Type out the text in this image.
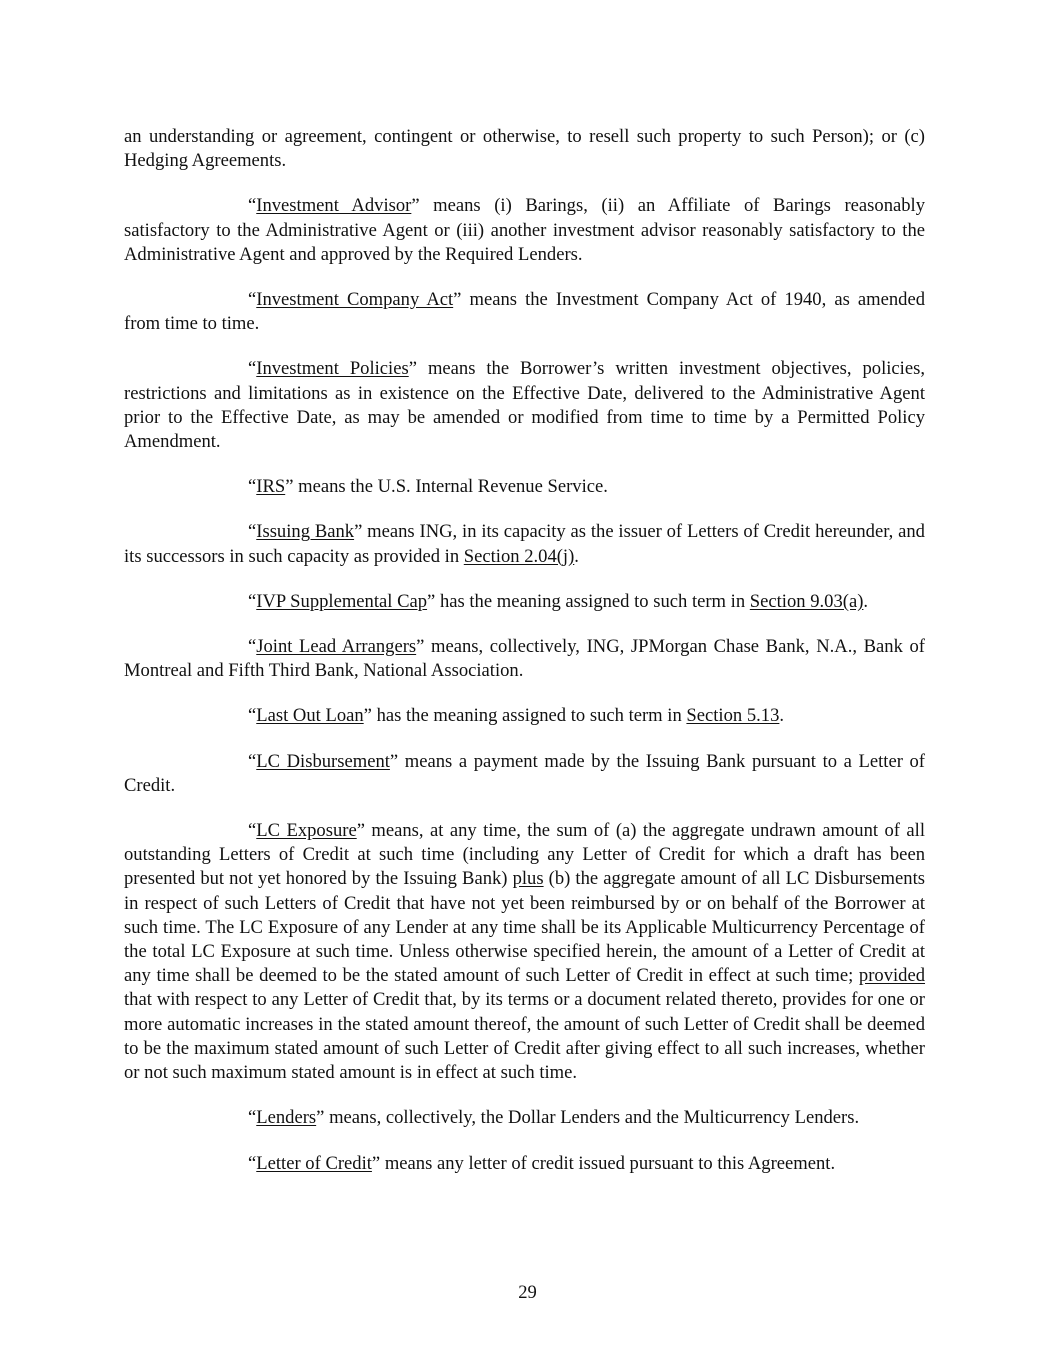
an understanding or agreement, contingent or otherwise, to resell such property to such Person); or (c) Hedging Agreements.

“Investment Advisor” means (i) Barings, (ii) an Affiliate of Barings reasonably satisfactory to the Administrative Agent or (iii) another investment advisor reasonably satisfactory to the Administrative Agent and approved by the Required Lenders.

“Investment Company Act” means the Investment Company Act of 1940, as amended from time to time.

“Investment Policies” means the Borrower’s written investment objectives, policies, restrictions and limitations as in existence on the Effective Date, delivered to the Administrative Agent prior to the Effective Date, as may be amended or modified from time to time by a Permitted Policy Amendment.

“IRS” means the U.S. Internal Revenue Service.

“Issuing Bank” means ING, in its capacity as the issuer of Letters of Credit hereunder, and its successors in such capacity as provided in Section 2.04(j).

“IVP Supplemental Cap” has the meaning assigned to such term in Section 9.03(a).

“Joint Lead Arrangers” means, collectively, ING, JPMorgan Chase Bank, N.A., Bank of Montreal and Fifth Third Bank, National Association.

“Last Out Loan” has the meaning assigned to such term in Section 5.13.

“LC Disbursement” means a payment made by the Issuing Bank pursuant to a Letter of Credit.

“LC Exposure” means, at any time, the sum of (a) the aggregate undrawn amount of all outstanding Letters of Credit at such time (including any Letter of Credit for which a draft has been presented but not yet honored by the Issuing Bank) plus (b) the aggregate amount of all LC Disbursements in respect of such Letters of Credit that have not yet been reimbursed by or on behalf of the Borrower at such time. The LC Exposure of any Lender at any time shall be its Applicable Multicurrency Percentage of the total LC Exposure at such time. Unless otherwise specified herein, the amount of a Letter of Credit at any time shall be deemed to be the stated amount of such Letter of Credit in effect at such time; provided that with respect to any Letter of Credit that, by its terms or a document related thereto, provides for one or more automatic increases in the stated amount thereof, the amount of such Letter of Credit shall be deemed to be the maximum stated amount of such Letter of Credit after giving effect to all such increases, whether or not such maximum stated amount is in effect at such time.

“Lenders” means, collectively, the Dollar Lenders and the Multicurrency Lenders.

“Letter of Credit” means any letter of credit issued pursuant to this Agreement.

29
